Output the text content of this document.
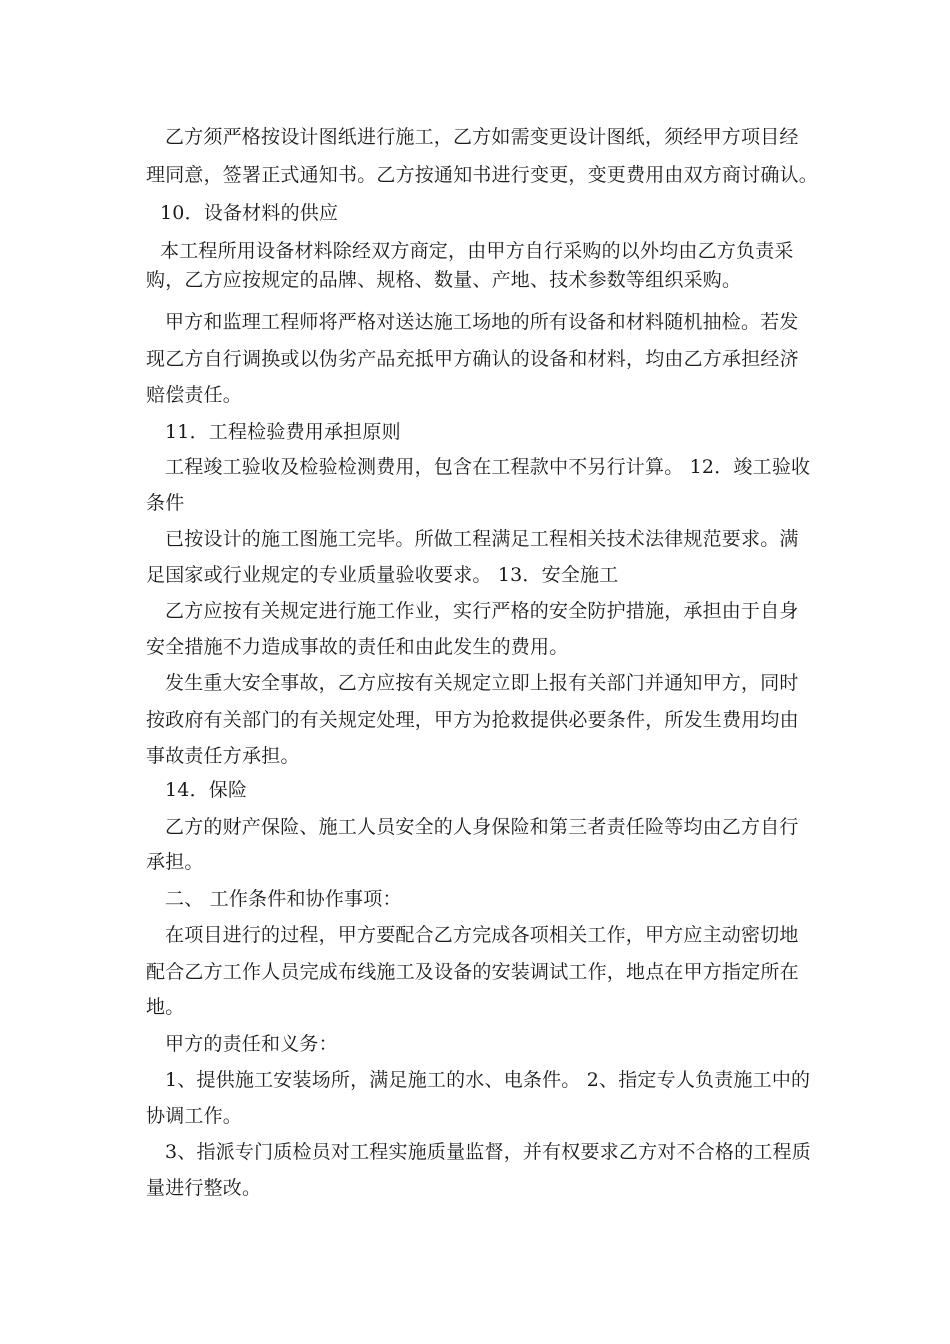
乙方须严格按设计图纸进行施工，乙方如需变更设计图纸，须经甲方项目经
理同意，签署正式通知书。乙方按通知书进行变更，变更费用由双方商讨确认。
10．设备材料的供应
本工程所用设备材料除经双方商定，由甲方自行采购的以外均由乙方负责采
购，乙方应按规定的品牌、规格、数量、产地、技术参数等组织采购。
甲方和监理工程师将严格对送达施工场地的所有设备和材料随机抽检。若发
现乙方自行调换或以伪劣产品充抵甲方确认的设备和材料，均由乙方承担经济
赔偿责任。
11．工程检验费用承担原则
工程竣工验收及检验检测费用，包含在工程款中不另行计算。 12．竣工验收
条件
已按设计的施工图施工完毕。所做工程满足工程相关技术法律规范要求。满
足国家或行业规定的专业质量验收要求。 13．安全施工
乙方应按有关规定进行施工作业，实行严格的安全防护措施，承担由于自身
安全措施不力造成事故的责任和由此发生的费用。
发生重大安全事故，乙方应按有关规定立即上报有关部门并通知甲方，同时
按政府有关部门的有关规定处理，甲方为抢救提供必要条件，所发生费用均由
事故责任方承担。
14．保险
乙方的财产保险、施工人员安全的人身保险和第三者责任险等均由乙方自行
承担。
二、 工作条件和协作事项：
在项目进行的过程，甲方要配合乙方完成各项相关工作，甲方应主动密切地
配合乙方工作人员完成布线施工及设备的安装调试工作，地点在甲方指定所在
地。
甲方的责任和义务：
1、提供施工安装场所，满足施工的水、电条件。 2、指定专人负责施工中的
协调工作。
3、指派专门质检员对工程实施质量监督，并有权要求乙方对不合格的工程质
量进行整改。
